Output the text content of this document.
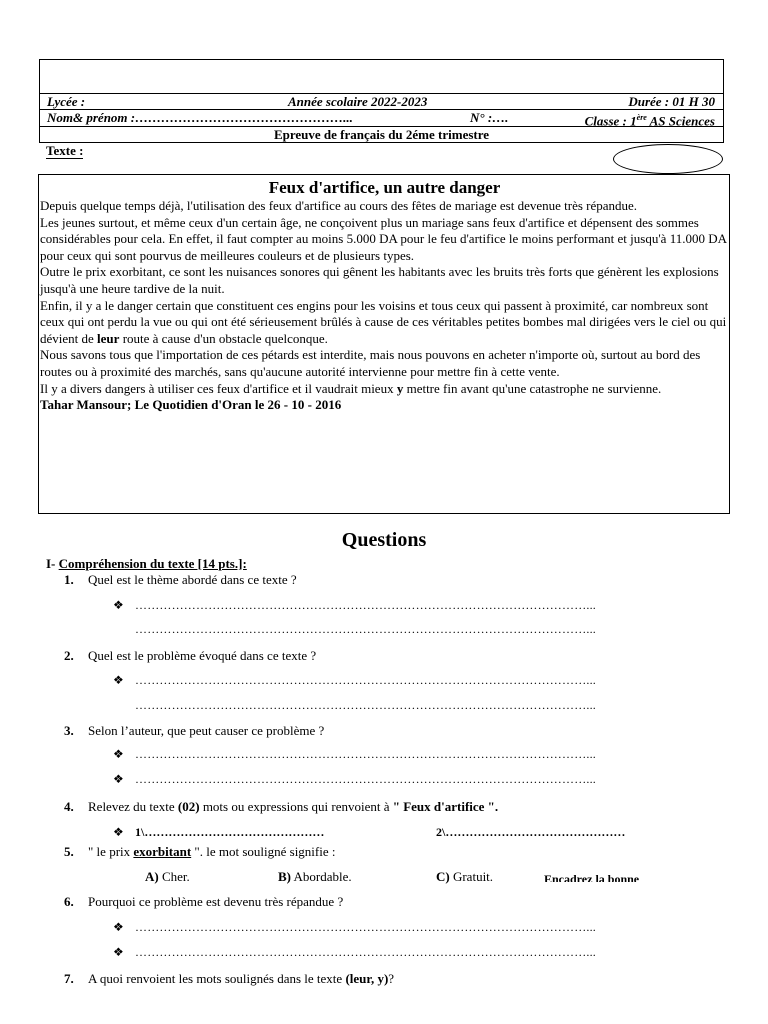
Lycée :	Année scolaire 2022-2023	Durée : 01 H 30
Nom& prénom :…………………………………………...	N° :….	Classe : 1ère AS Sciences
Epreuve de français du 2éme trimestre
Texte :
Feux d'artifice, un autre danger

Depuis quelque temps déjà, l'utilisation des feux d'artifice au cours des fêtes de mariage est devenue très répandue.

Les jeunes surtout, et même ceux d'un certain âge, ne conçoivent plus un mariage sans feux d'artifice et dépensent des sommes considérables pour cela. En effet, il faut compter au moins 5.000 DA pour le feu d'artifice le moins performant et jusqu'à 11.000 DA pour ceux qui sont pourvus de meilleures couleurs et de plusieurs types.

Outre le prix exorbitant, ce sont les nuisances sonores qui gênent les habitants avec les bruits très forts que génèrent les explosions jusqu'à une heure tardive de la nuit.

Enfin, il y a le danger certain que constituent ces engins pour les voisins et tous ceux qui passent à proximité, car nombreux sont ceux qui ont perdu la vue ou qui ont été sérieusement brûlés à cause de ces véritables petites bombes mal dirigées vers le ciel ou qui dévient de leur route à cause d'un obstacle quelconque.

Nous savons tous que l'importation de ces pétards est interdite, mais nous pouvons en acheter n'importe où, surtout au bord des routes ou à proximité des marchés, sans qu'aucune autorité intervienne pour mettre fin à cette vente.

Il y a divers dangers à utiliser ces feux d'artifice et il vaudrait mieux y mettre fin avant qu'une catastrophe ne survienne.

Tahar Mansour; Le Quotidien d'Oran le 26 - 10 - 2016

Questions
I- Compréhension du texte [14 pts.]:
1. Quel est le thème abordé dans ce texte ?
❖ …………………………………………………………………………………………………...
…………………………………………………………………………………………………...
2. Quel est le problème évoqué dans ce texte ?
❖ …………………………………………………………………………………………………...
…………………………………………………………………………………………………...
3. Selon l’auteur, que peut causer ce problème ?
❖ …………………………………………………………………………………………………...
❖ …………………………………………………………………………………………………...
4. Relevez du texte (02) mots ou expressions qui renvoient à " Feux d'artifice ".
❖ 1\………………………………………	2\………………………………………
5. " le prix exorbitant ". le mot souligné signifie :
A) Cher.	B) Abordable.	C) Gratuit.	Encadrez la bonne
6. Pourquoi ce problème est devenu très répandue ?
❖ …………………………………………………………………………………………………...
❖ …………………………………………………………………………………………………...
7. A quoi renvoient les mots soulignés dans le texte (leur, y)?
